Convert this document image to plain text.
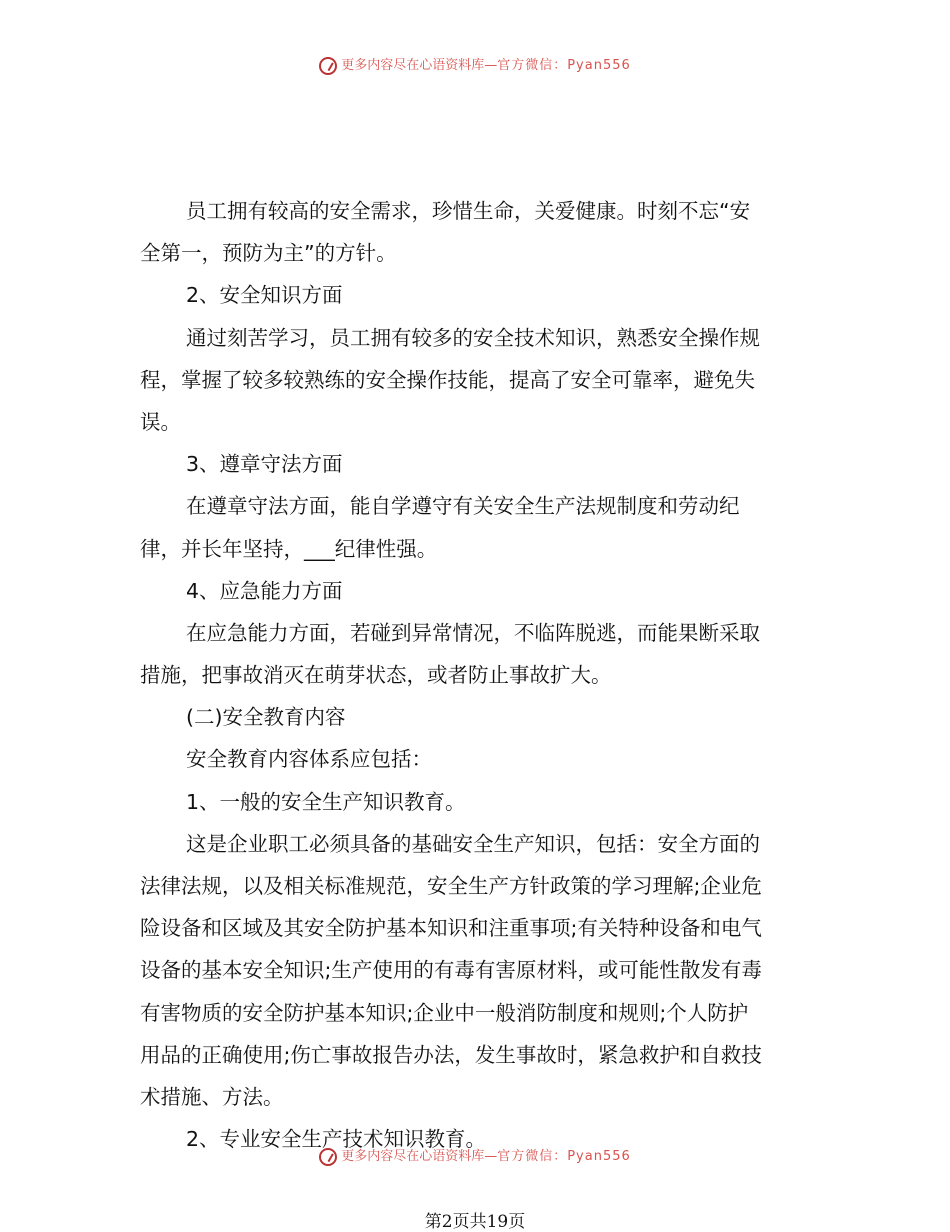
更多内容尽在心语资料库—官方微信：Pyan556
员工拥有较高的安全需求，珍惜生命，关爱健康。时刻不忘“安
全第一，预防为主”的方针。
2、安全知识方面
通过刻苦学习，员工拥有较多的安全技术知识，熟悉安全操作规
程，掌握了较多较熟练的安全操作技能，提高了安全可靠率，避免失
误。
3、遵章守法方面
在遵章守法方面，能自学遵守有关安全生产法规制度和劳动纪
律，并长年坚持，___纪律性强。
4、应急能力方面
在应急能力方面，若碰到异常情况，不临阵脱逃，而能果断采取
措施，把事故消灭在萌芽状态，或者防止事故扩大。
(二)安全教育内容
安全教育内容体系应包括：
1、一般的安全生产知识教育。
这是企业职工必须具备的基础安全生产知识，包括：安全方面的
法律法规，以及相关标准规范，安全生产方针政策的学习理解;企业危
险设备和区域及其安全防护基本知识和注重事项;有关特种设备和电气
设备的基本安全知识;生产使用的有毒有害原材料，或可能性散发有毒
有害物质的安全防护基本知识;企业中一般消防制度和规则;个人防护
用品的正确使用;伤亡事故报告办法，发生事故时，紧急救护和自救技
术措施、方法。
2、专业安全生产技术知识教育。
更多内容尽在心语资料库—官方微信：Pyan556
第2页共19页
